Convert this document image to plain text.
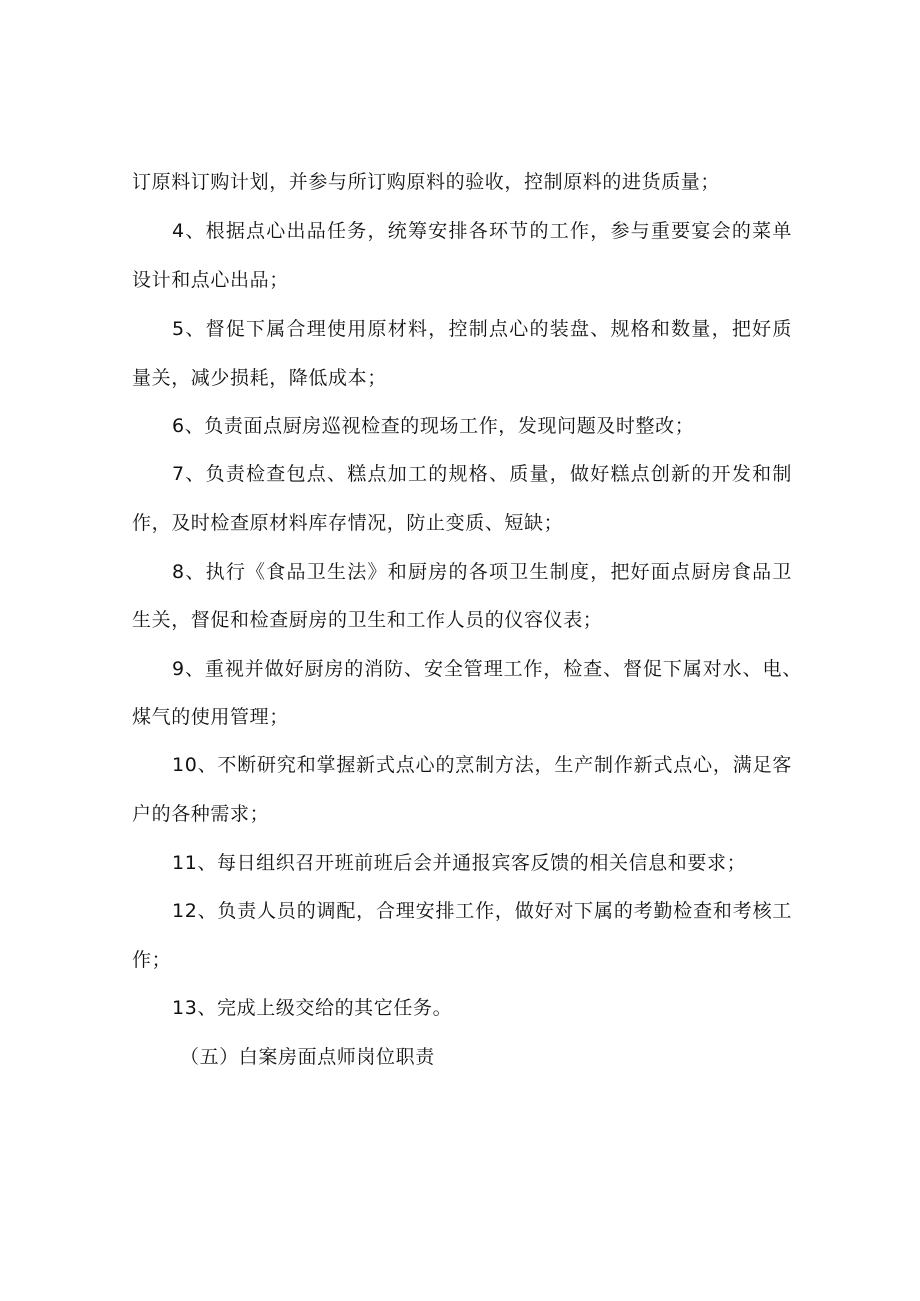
订原料订购计划，并参与所订购原料的验收，控制原料的进货质量；
4、根据点心出品任务，统筹安排各环节的工作，参与重要宴会的菜单
设计和点心出品；
5、督促下属合理使用原材料，控制点心的装盘、规格和数量，把好质
量关，减少损耗，降低成本；
6、负责面点厨房巡视检查的现场工作，发现问题及时整改；
7、负责检查包点、糕点加工的规格、质量，做好糕点创新的开发和制
作，及时检查原材料库存情况，防止变质、短缺；
8、执行《食品卫生法》和厨房的各项卫生制度，把好面点厨房食品卫
生关，督促和检查厨房的卫生和工作人员的仪容仪表；
9、重视并做好厨房的消防、安全管理工作，检查、督促下属对水、电、
煤气的使用管理；
10、不断研究和掌握新式点心的烹制方法，生产制作新式点心，满足客
户的各种需求；
11、每日组织召开班前班后会并通报宾客反馈的相关信息和要求；
12、负责人员的调配，合理安排工作，做好对下属的考勤检查和考核工
作；
13、完成上级交给的其它任务。
（五）白案房面点师岗位职责
